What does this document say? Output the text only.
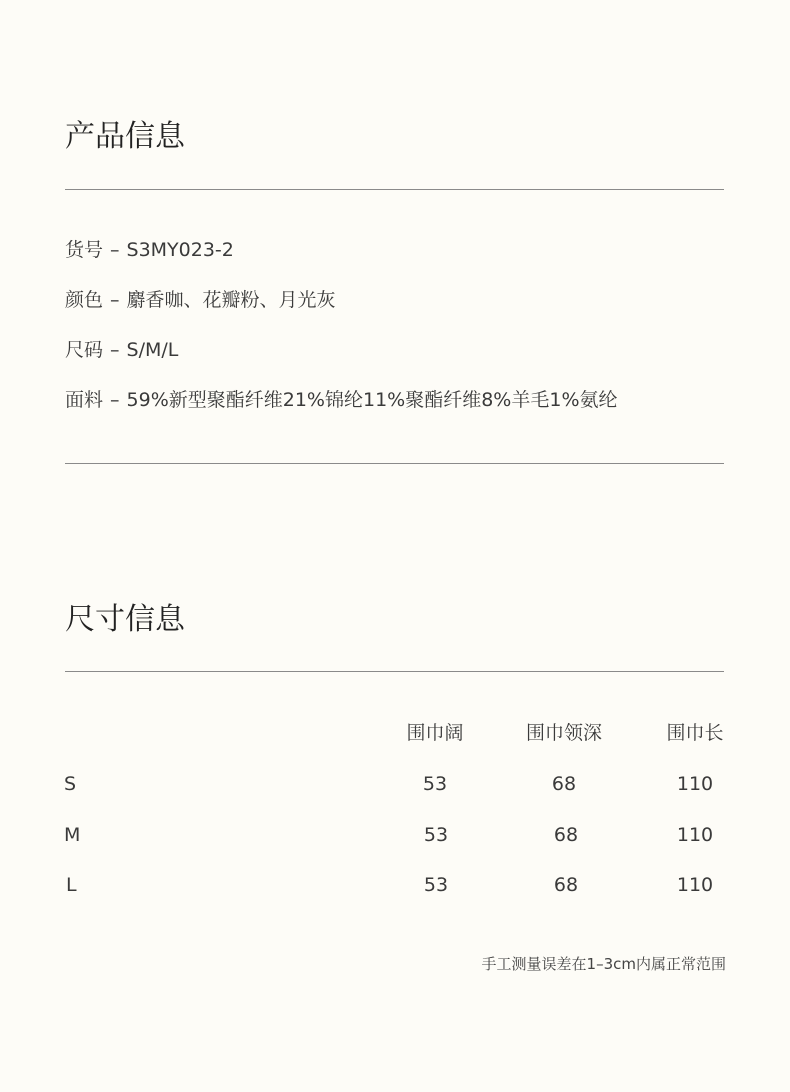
产品信息
货号 – S3MY023-2
颜色 – 麝香咖、花瓣粉、月光灰
尺码 – S/M/L
面料 – 59%新型聚酯纤维21%锦纶11%聚酯纤维8%羊毛1%氨纶
尺寸信息
围巾阔	围巾领深	围巾长
S	53	68	110
M	53	68	110
L	53	68	110
手工测量误差在1–3cm内属正常范围
